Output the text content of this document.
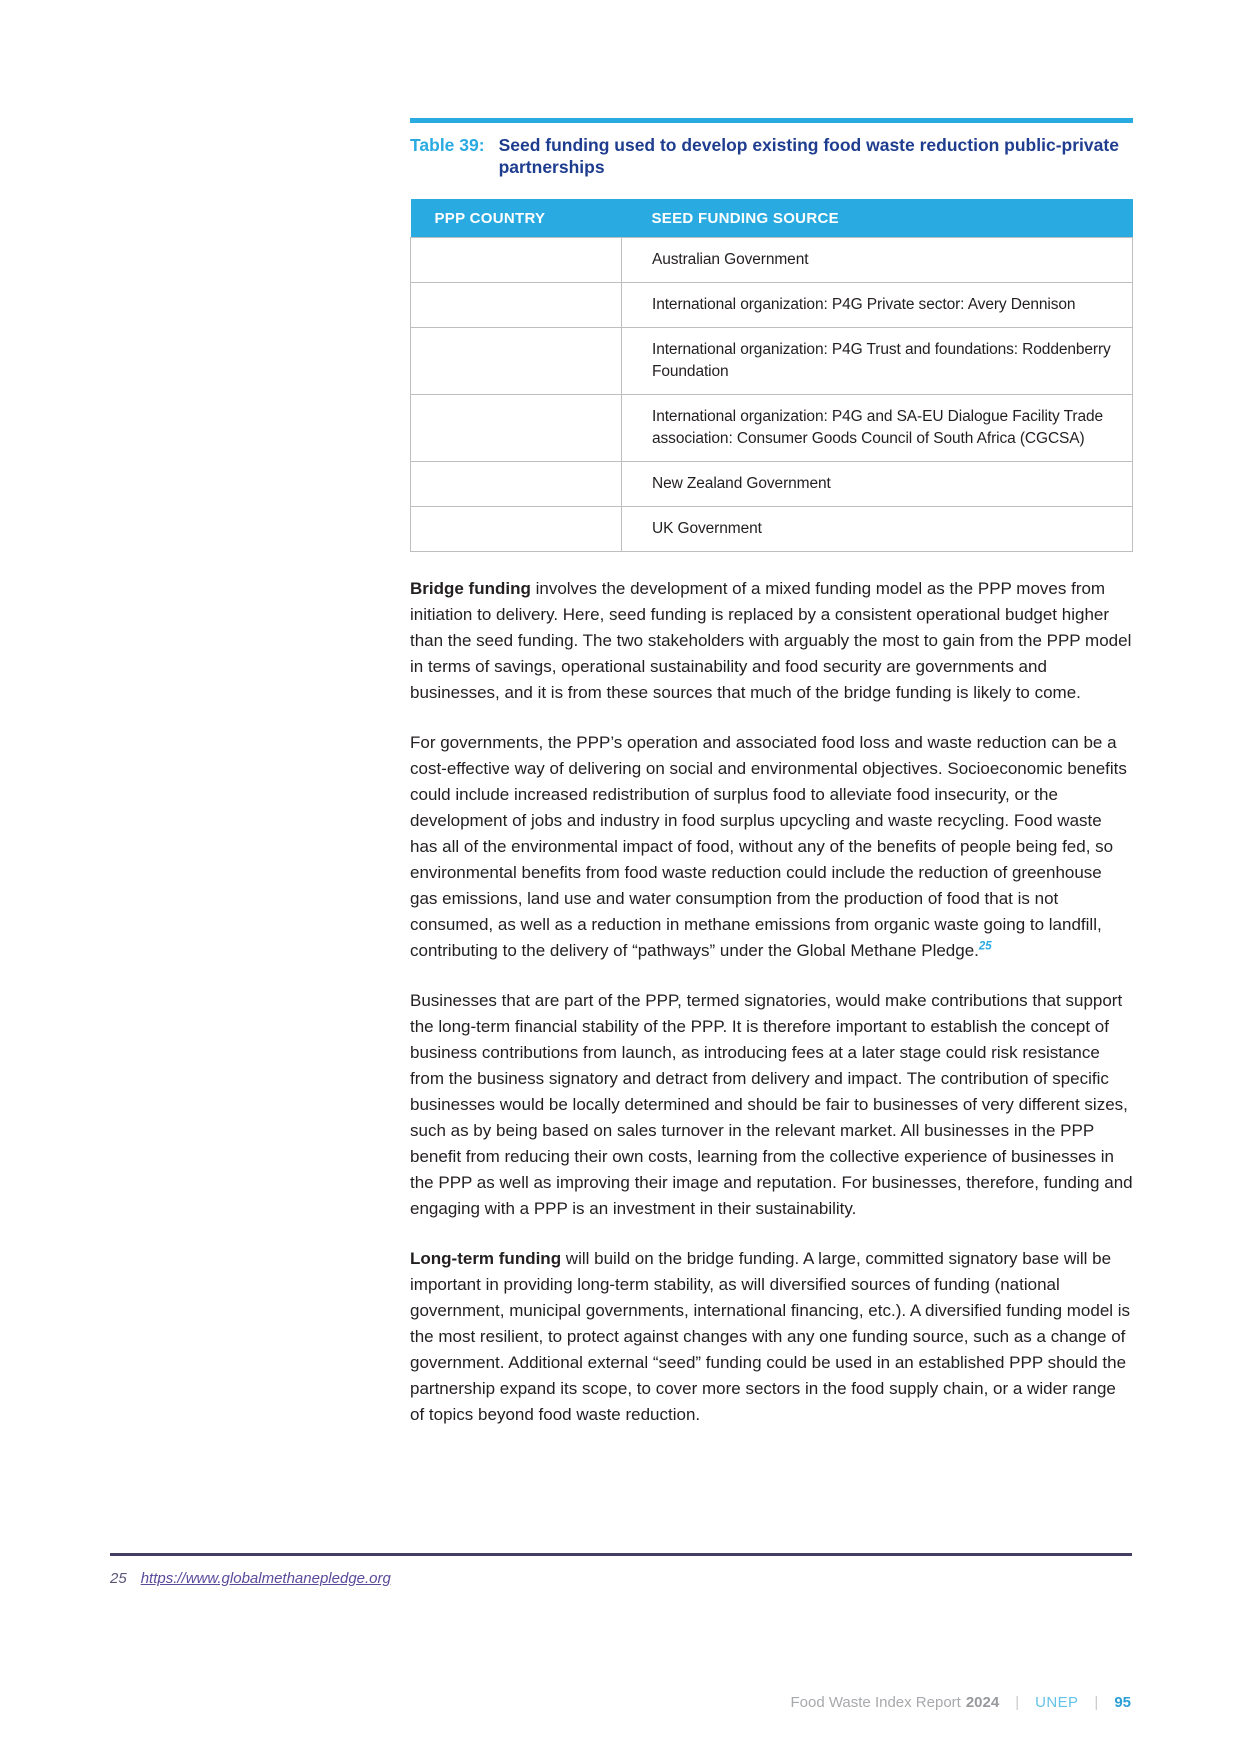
Table 39: Seed funding used to develop existing food waste reduction public-private partnerships
PPP COUNTRY	SEED FUNDING SOURCE
	Australian Government
	International organization: P4G Private sector: Avery Dennison
	International organization: P4G Trust and foundations: Roddenberry Foundation
	International organization: P4G and SA-EU Dialogue Facility Trade association: Consumer Goods Council of South Africa (CGCSA)
	New Zealand Government
	UK Government

Bridge funding involves the development of a mixed funding model as the PPP moves from initiation to delivery. Here, seed funding is replaced by a consistent operational budget higher than the seed funding. The two stakeholders with arguably the most to gain from the PPP model in terms of savings, operational sustainability and food security are governments and businesses, and it is from these sources that much of the bridge funding is likely to come.

For governments, the PPP’s operation and associated food loss and waste reduction can be a cost-effective way of delivering on social and environmental objectives. Socioeconomic benefits could include increased redistribution of surplus food to alleviate food insecurity, or the development of jobs and industry in food surplus upcycling and waste recycling. Food waste has all of the environmental impact of food, without any of the benefits of people being fed, so environmental benefits from food waste reduction could include the reduction of greenhouse gas emissions, land use and water consumption from the production of food that is not consumed, as well as a reduction in methane emissions from organic waste going to landfill, contributing to the delivery of “pathways” under the Global Methane Pledge.$^{25}$

Businesses that are part of the PPP, termed signatories, would make contributions that support the long-term financial stability of the PPP. It is therefore important to establish the concept of business contributions from launch, as introducing fees at a later stage could risk resistance from the business signatory and detract from delivery and impact. The contribution of specific businesses would be locally determined and should be fair to businesses of very different sizes, such as by being based on sales turnover in the relevant market. All businesses in the PPP benefit from reducing their own costs, learning from the collective experience of businesses in the PPP as well as improving their image and reputation. For businesses, therefore, funding and engaging with a PPP is an investment in their sustainability.

Long-term funding will build on the bridge funding. A large, committed signatory base will be important in providing long-term stability, as will diversified sources of funding (national government, municipal governments, international financing, etc.). A diversified funding model is the most resilient, to protect against changes with any one funding source, such as a change of government. Additional external “seed” funding could be used in an established PPP should the partnership expand its scope, to cover more sectors in the food supply chain, or a wider range of topics beyond food waste reduction.

25 https://www.globalmethanepledge.org
Food Waste Index Report 2024 | UNEP | 95
